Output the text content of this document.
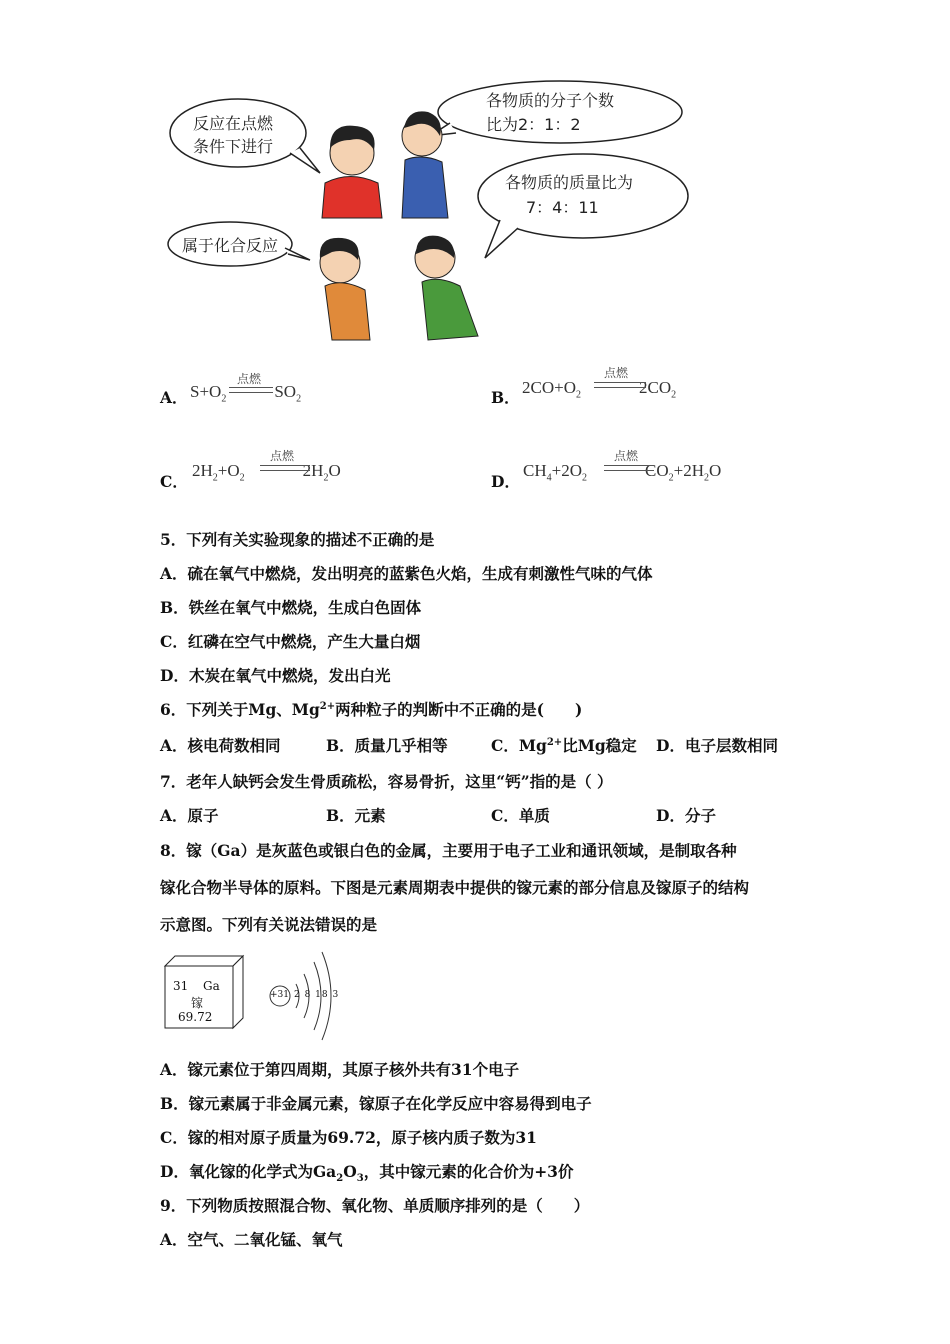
反应在点燃
条件下进行
各物质的分子个数
比为2：1：2
各物质的质量比为
7：4：11
属于化合反应
A． $S+O_2$	$SO_2$
点燃
B．
$2CO+O_2$	$2CO_2$
点燃
C．
$2H_2+O_2$	$2H_2O$
点燃
D．
$CH_4+2O_2$	$CO_2+2H_2O$
点燃
5．下列有关实验现象的描述不正确的是
A．硫在氧气中燃烧，发出明亮的蓝紫色火焰，生成有刺激性气味的气体
B．铁丝在氧气中燃烧，生成白色固体
C．红磷在空气中燃烧，产生大量白烟
D．木炭在氧气中燃烧，发出白光
6．下列关于Mg、$Mg^{2+}$两种粒子的判断中不正确的是(　　)
A．核电荷数相同	B．质量几乎相等	C．$Mg^{2+}$比Mg稳定 D．电子层数相同
7．老年人缺钙会发生骨质疏松，容易骨折，这里“钙”指的是（ ）
A．原子	B．元素	C．单质	D．分子
8．镓（Ga）是灰蓝色或银白色的金属，主要用于电子工业和通讯领域，是制取各种
镓化合物半导体的原料。下图是元素周期表中提供的镓元素的部分信息及镓原子的结构
示意图。下列有关说法错误的是
31 Ga
镓
69.72
+31 2 8 18 3
A．镓元素位于第四周期，其原子核外共有31个电子
B．镓元素属于非金属元素，镓原子在化学反应中容易得到电子
C．镓的相对原子质量为69.72，原子核内质子数为31
D．氧化镓的化学式为$Ga_2O_3$，其中镓元素的化合价为+3价
9．下列物质按照混合物、氧化物、单质顺序排列的是（　　）
A．空气、二氧化锰、氧气
